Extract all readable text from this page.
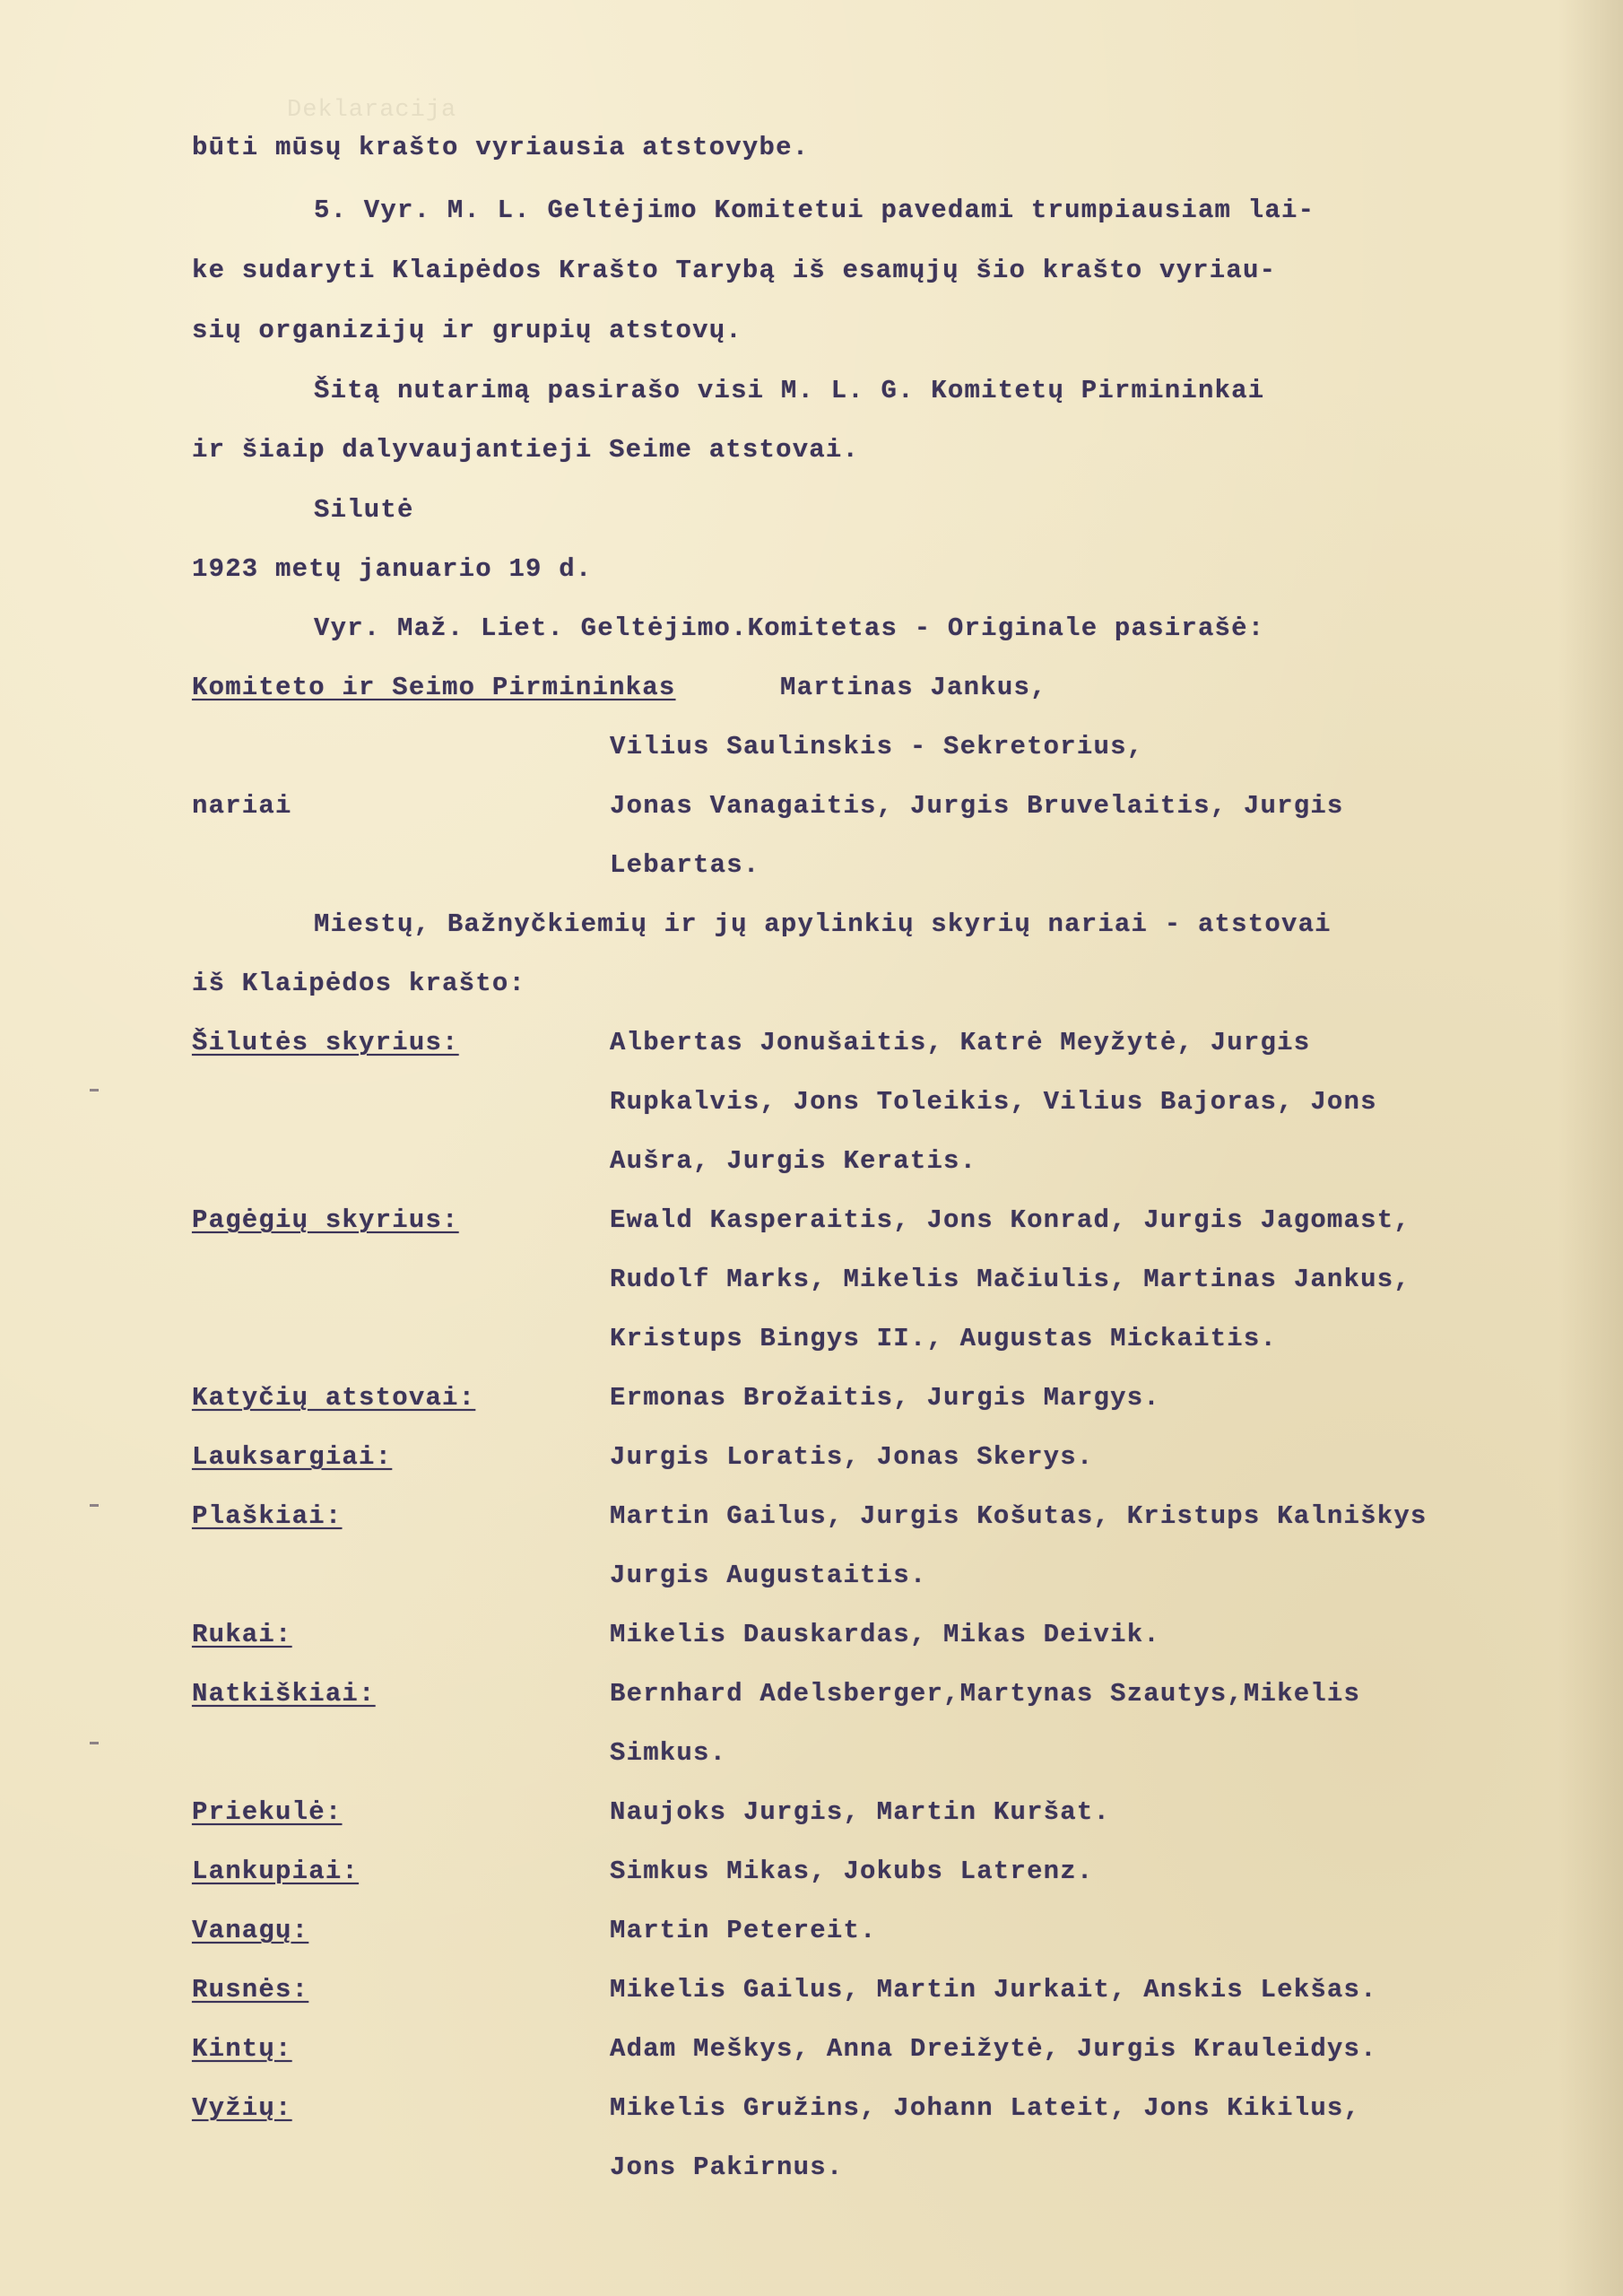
Deklaracija
būti mūsų krašto vyriausia atstovybe.
5. Vyr. M. L. Geltėjimo Komitetui pavedami trumpiausiam lai-
ke sudaryti Klaipėdos Krašto Tarybą iš esamųjų šio krašto vyriau-
sių organizijų ir grupių atstovų.
Šitą nutarimą pasirašo visi M. L. G. Komitetų Pirmininkai
ir šiaip dalyvaujantieji Seime atstovai.
Silutė
1923 metų januario 19 d.
Vyr. Maž. Liet. Geltėjimo.Komitetas - Originale pasirašė:
Komiteto ir Seimo Pirmininkas	Martinas Jankus,
Vilius Saulinskis - Sekretorius,
nariai	Jonas Vanagaitis, Jurgis Bruvelaitis, Jurgis
Lebartas.
Miestų, Bažnyčkiemių ir jų apylinkių skyrių nariai - atstovai
iš Klaipėdos krašto:
Šilutės skyrius:	Albertas Jonušaitis, Katrė Meyžytė, Jurgis
Rupkalvis, Jons Toleikis, Vilius Bajoras, Jons
Aušra, Jurgis Keratis.
Pagėgių skyrius:	Ewald Kasperaitis, Jons Konrad, Jurgis Jagomast,
Rudolf Marks, Mikelis Mačiulis, Martinas Jankus,
Kristups Bingys II., Augustas Mickaitis.
Katyčių atstovai:	Ermonas Brožaitis, Jurgis Margys.
Lauksargiai:	Jurgis Loratis, Jonas Skerys.
Plaškiai:	Martin Gailus, Jurgis Košutas, Kristups Kalniškys
Jurgis Augustaitis.
Rukai:	Mikelis Dauskardas, Mikas Deivik.
Natkiškiai:	Bernhard Adelsberger,Martynas Szautys,Mikelis
Simkus.
Priekulė:	Naujoks Jurgis, Martin Kuršat.
Lankupiai:	Simkus Mikas, Jokubs Latrenz.
Vanagų:	Martin Petereit.
Rusnės:	Mikelis Gailus, Martin Jurkait, Anskis Lekšas.
Kintų:	Adam Meškys, Anna Dreižytė, Jurgis Krauleidys.
Vyžių:	Mikelis Gružins, Johann Lateit, Jons Kikilus,
Jons Pakirnus.
